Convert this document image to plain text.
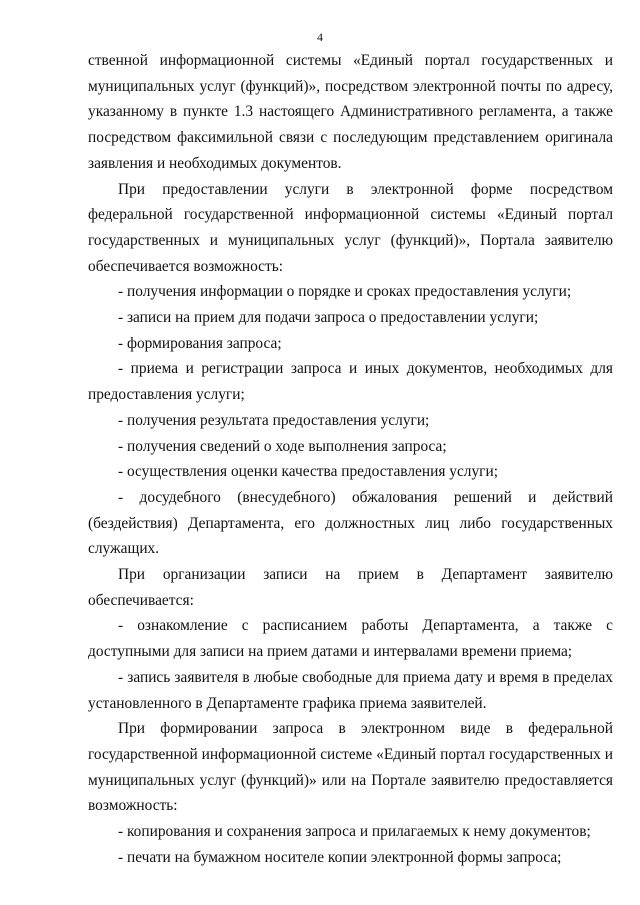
4

ственной информационной системы «Единый портал государственных и муниципальных услуг (функций)», посредством электронной почты по адресу, указанному в пункте 1.3 настоящего Административного регламента, а также посредством факсимильной связи с последующим представлением оригинала заявления и необходимых документов.

При предоставлении услуги в электронной форме посредством федеральной государственной информационной системы «Единый портал государственных и муниципальных услуг (функций)», Портала заявителю обеспечивается возможность:

- получения информации о порядке и сроках предоставления услуги;

- записи на прием для подачи запроса о предоставлении услуги;

- формирования запроса;

- приема и регистрации запроса и иных документов, необходимых для предоставления услуги;

- получения результата предоставления услуги;

- получения сведений о ходе выполнения запроса;

- осуществления оценки качества предоставления услуги;

- досудебного (внесудебного) обжалования решений и действий (бездействия) Департамента, его должностных лиц либо государственных служащих.

При организации записи на прием в Департамент заявителю обеспечивается:

- ознакомление с расписанием работы Департамента, а также с доступными для записи на прием датами и интервалами времени приема;

- запись заявителя в любые свободные для приема дату и время в пределах установленного в Департаменте графика приема заявителей.

При формировании запроса в электронном виде в федеральной государственной информационной системе «Единый портал государственных и муниципальных услуг (функций)» или на Портале заявителю предоставляется возможность:

- копирования и сохранения запроса и прилагаемых к нему документов;

- печати на бумажном носителе копии электронной формы запроса;
